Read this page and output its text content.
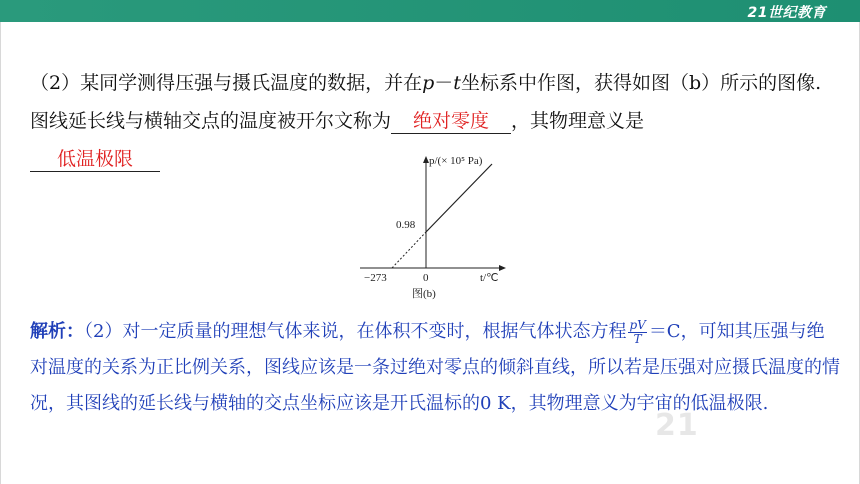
21世纪教育
（2）某同学测得压强与摄氏温度的数据，并在p－t坐标系中作图，获得如图（b）所示的图像. 图线延长线与横轴交点的温度被开尔文称为 绝对零度 ，其物理意义是
低温极限	p/(× 10⁵ Pa)
0.98
0
−273	t/℃
图(b)
解析：（2）对一定质量的理想气体来说，在体积不变时，根据气体状态方程 $\frac{pV}{T} =C$，可知其压强与绝对温度的关系为正比例关系，图线应该是一条过绝对零点的倾斜直线，所以若是压强对应摄氏温度的情况，其图线的延长线与横轴的交点坐标应该是开氏温标的0 K，其物理意义为宇宙的低温极限.
21
